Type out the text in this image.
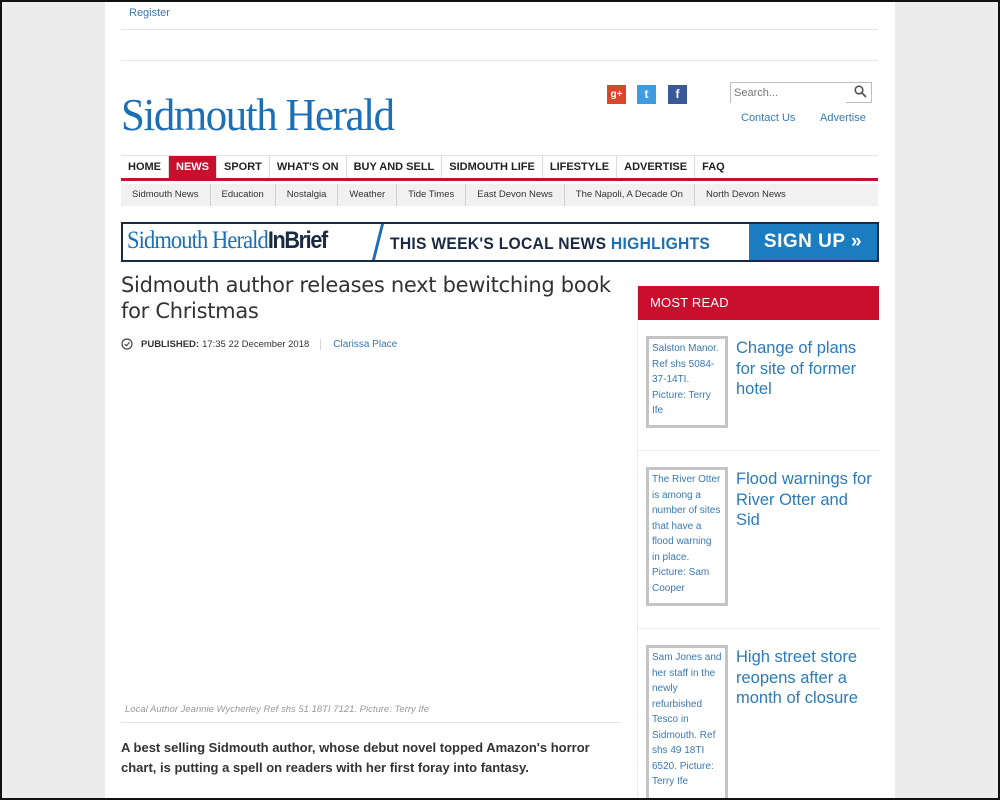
Register
Sidmouth Herald	g+	t	f
Search...
Contact Us Advertise
HOME	NEWS	SPORT	WHAT'S ON	BUY AND SELL	SIDMOUTH LIFE	LIFESTYLE	ADVERTISE	FAQ
Sidmouth News	Education	Nostalgia	Weather	Tide Times	East Devon News	The Napoli, A Decade On	North Devon News
Sidmouth HeraldInBrief	THIS WEEK'S LOCAL NEWS HIGHLIGHTS	SIGN UP »
Sidmouth author releases next bewitching book for Christmas
PUBLISHED: 17:35 22 December 2018	Clarissa Place
Local Author Jeannie Wycherley Ref shs 51 18TI 7121. Picture: Terry Ife

A best selling Sidmouth author, whose debut novel topped Amazon's horror chart, is putting a spell on readers with her first foray into fantasy.

MOST READ
Salston Manor. Ref shs 5084-37-14TI. Picture: Terry Ife
Change of plans for site of former hotel
The River Otter is among a number of sites that have a flood warning in place. Picture: Sam Cooper
Flood warnings for River Otter and Sid
Sam Jones and her staff in the newly refurbished Tesco in Sidmouth. Ref shs 49 18TI 6520. Picture: Terry Ife
High street store reopens after a month of closure
